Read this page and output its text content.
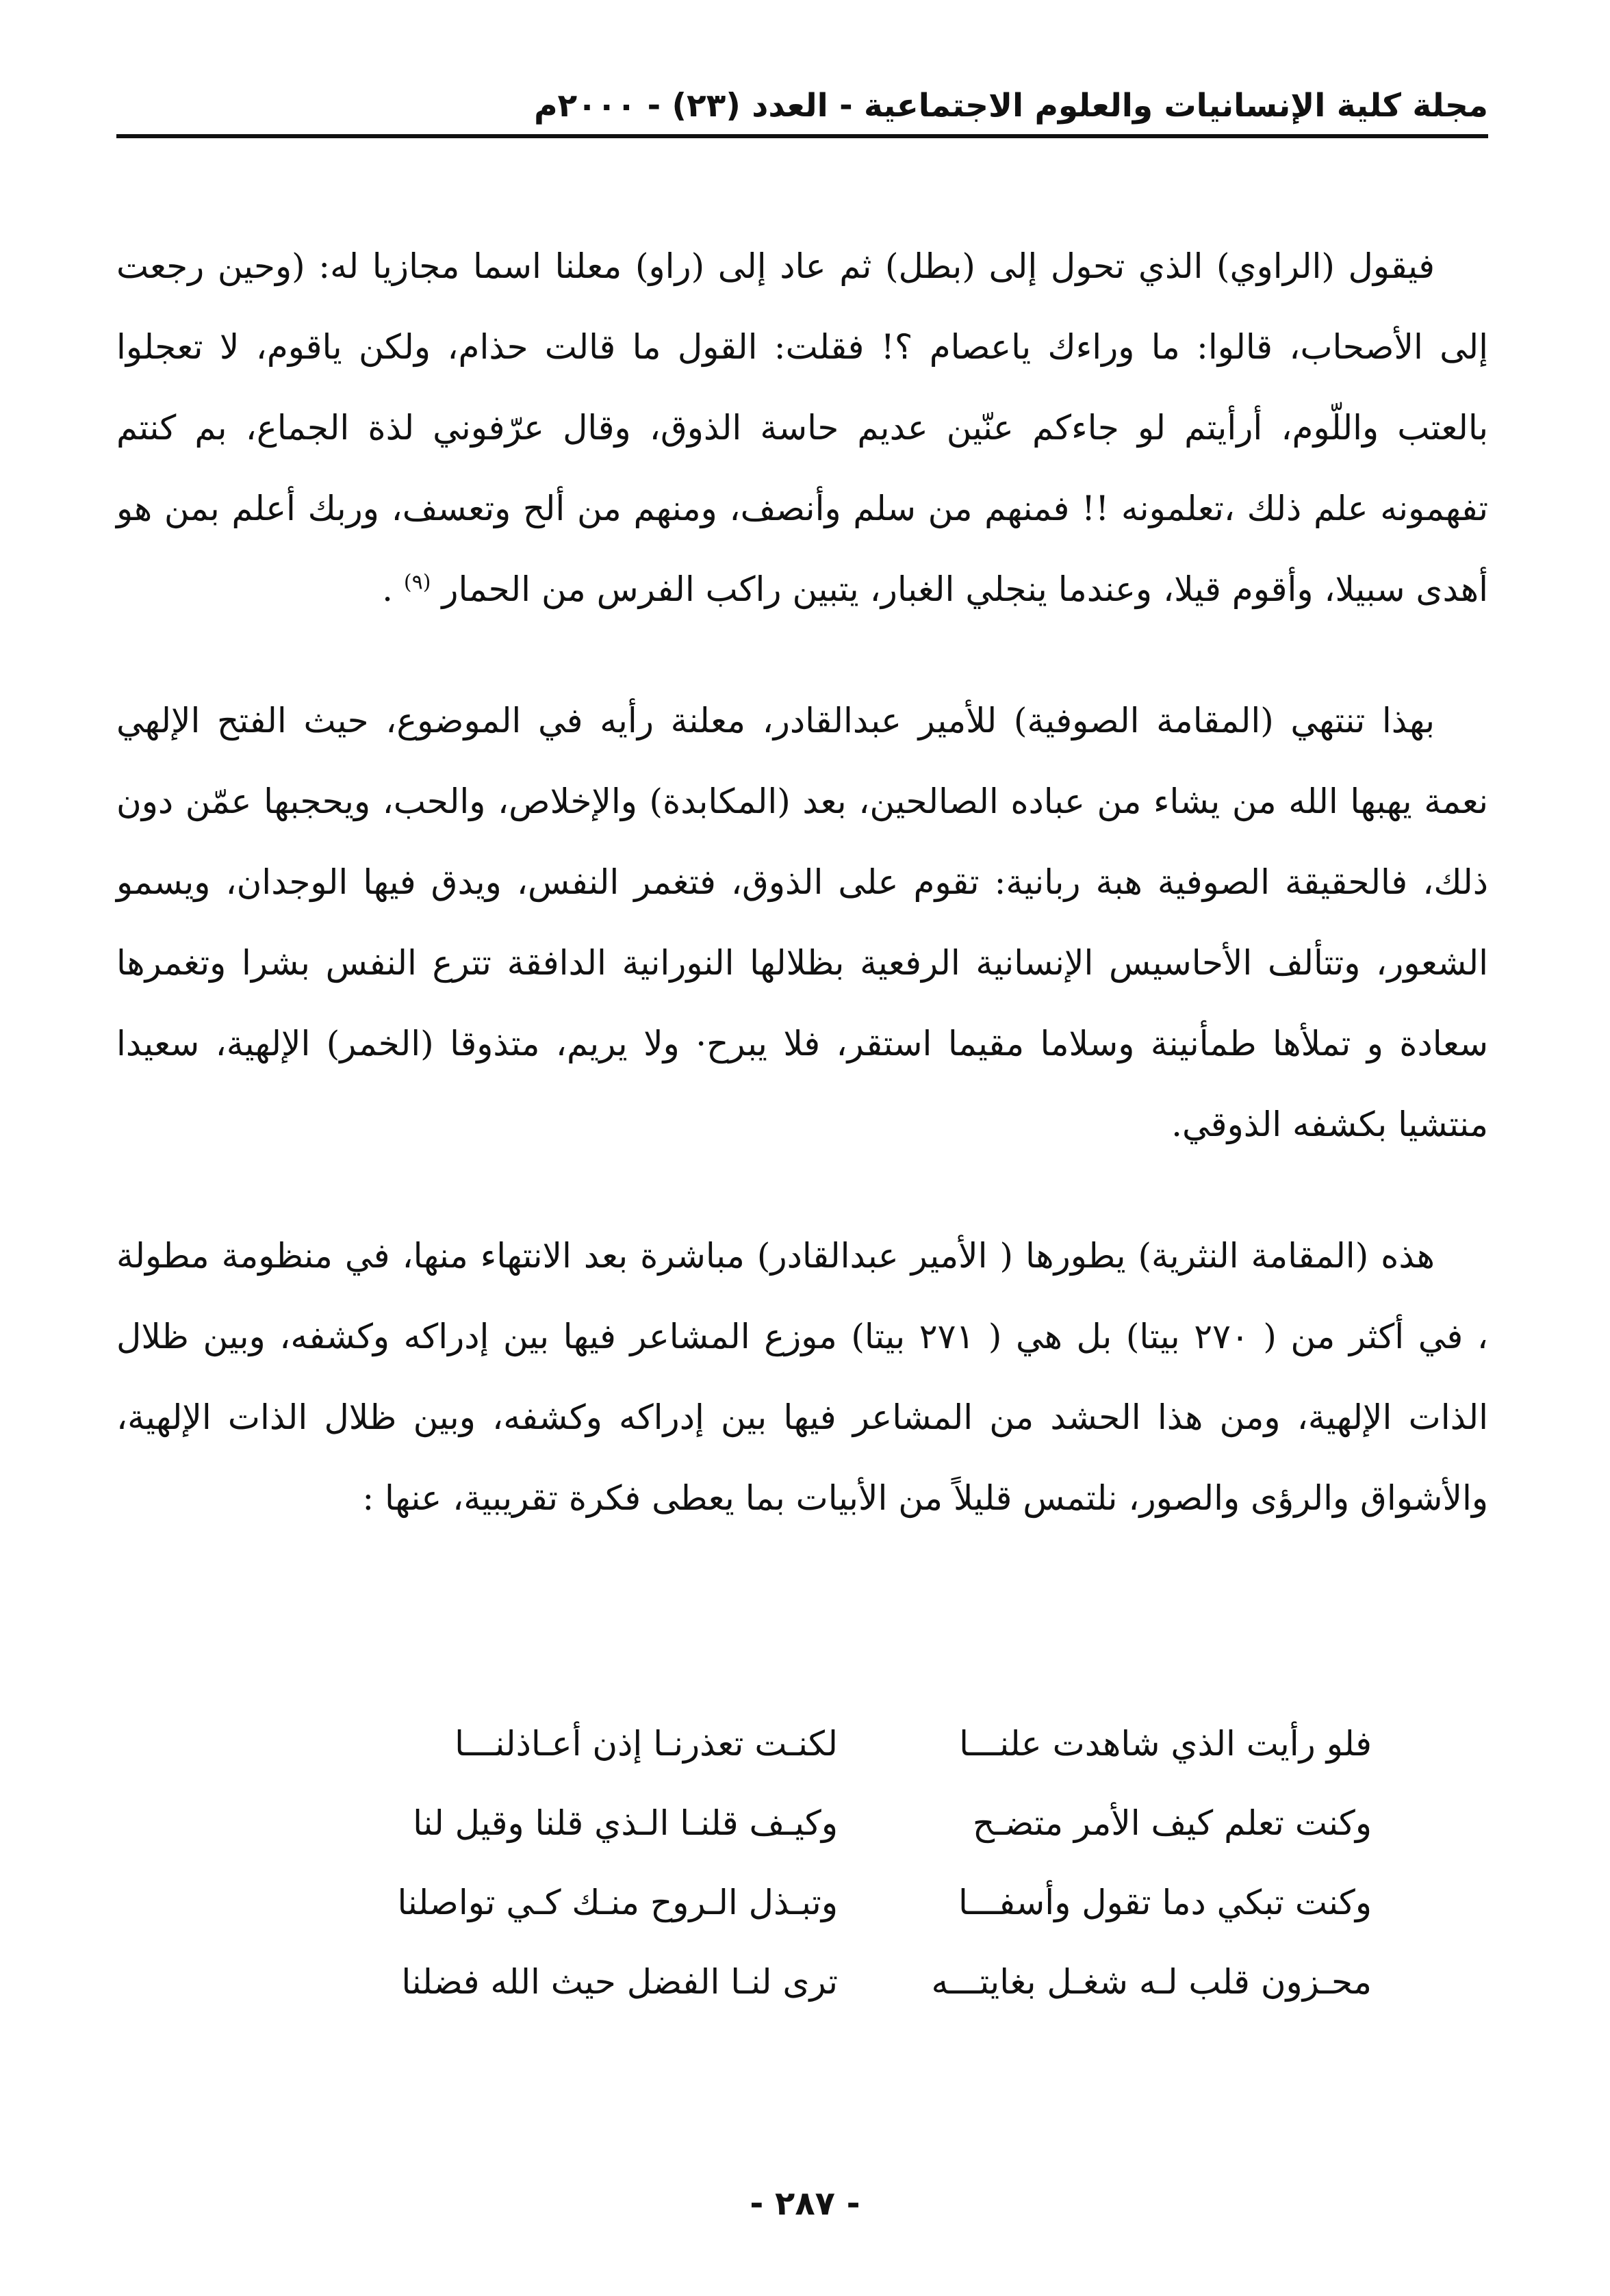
مجلة كلية الإنسانيات والعلوم الاجتماعية - العدد (٢٣) - ٢٠٠٠م

فيقول (الراوي) الذي تحول إلى (بطل) ثم عاد إلى (راو) معلنا اسما مجازيا له: (وحين رجعت إلى الأصحاب، قالوا: ما وراءك ياعصام ؟! فقلت: القول ما قالت حذام، ولكن ياقوم، لا تعجلوا بالعتب واللّوم، أرأيتم لو جاءكم عنّين عديم حاسة الذوق، وقال عرّفوني لذة الجماع، بم كنتم تفهمونه علم ذلك ،تعلمونه !! فمنهم من سلم وأنصف، ومنهم من ألح وتعسف، وربك أعلم بمن هو أهدى سبيلا، وأقوم قيلا، وعندما ينجلي الغبار، يتبين راكب الفرس من الحمار $^{(٩)}$ .

بهذا تنتهي (المقامة الصوفية) للأمير عبدالقادر، معلنة رأيه في الموضوع، حيث الفتح الإلهي نعمة يهبها الله من يشاء من عباده الصالحين، بعد (المكابدة) والإخلاص، والحب، ويحجبها عمّن دون ذلك، فالحقيقة الصوفية هبة ربانية: تقوم على الذوق، فتغمر النفس، ويدق فيها الوجدان، ويسمو الشعور، وتتألف الأحاسيس الإنسانية الرفعية بظلالها النورانية الدافقة تترع النفس بشرا وتغمرها سعادة و تملأها طمأنينة وسلاما مقيما استقر، فلا يبرح· ولا يريم، متذوقا (الخمر) الإلهية، سعيدا منتشيا بكشفه الذوقي.

هذه (المقامة النثرية) يطورها ( الأمير عبدالقادر) مباشرة بعد الانتهاء منها، في منظومة مطولة ، في أكثر من ( ٢٧٠ بيتا) بل هي ( ٢٧١ بيتا) موزع المشاعر فيها بين إدراكه وكشفه، وبين ظلال الذات الإلهية، ومن هذا الحشد من المشاعر فيها بين إدراكه وكشفه، وبين ظلال الذات الإلهية، والأشواق والرؤى والصور، نلتمس قليلاً من الأبيات بما يعطى فكرة تقريبية، عنها :

فلو رأيت الذي شاهدت علنـــا
لكنـت تعذرنـا إذن أعـاذلنـــا
وكنت تعلم كيف الأمر متضـح
وكيـف قلنـا الـذي قلنا وقيل لنا
وكنت تبكي دما تقول وأسفـــا
وتبـذل الـروح منـك كـي تواصلنا
محـزون قلب لـه شغـل بغايتـــه
ترى لنـا الفضل حيث الله فضلنا
- ٢٨٧ -
